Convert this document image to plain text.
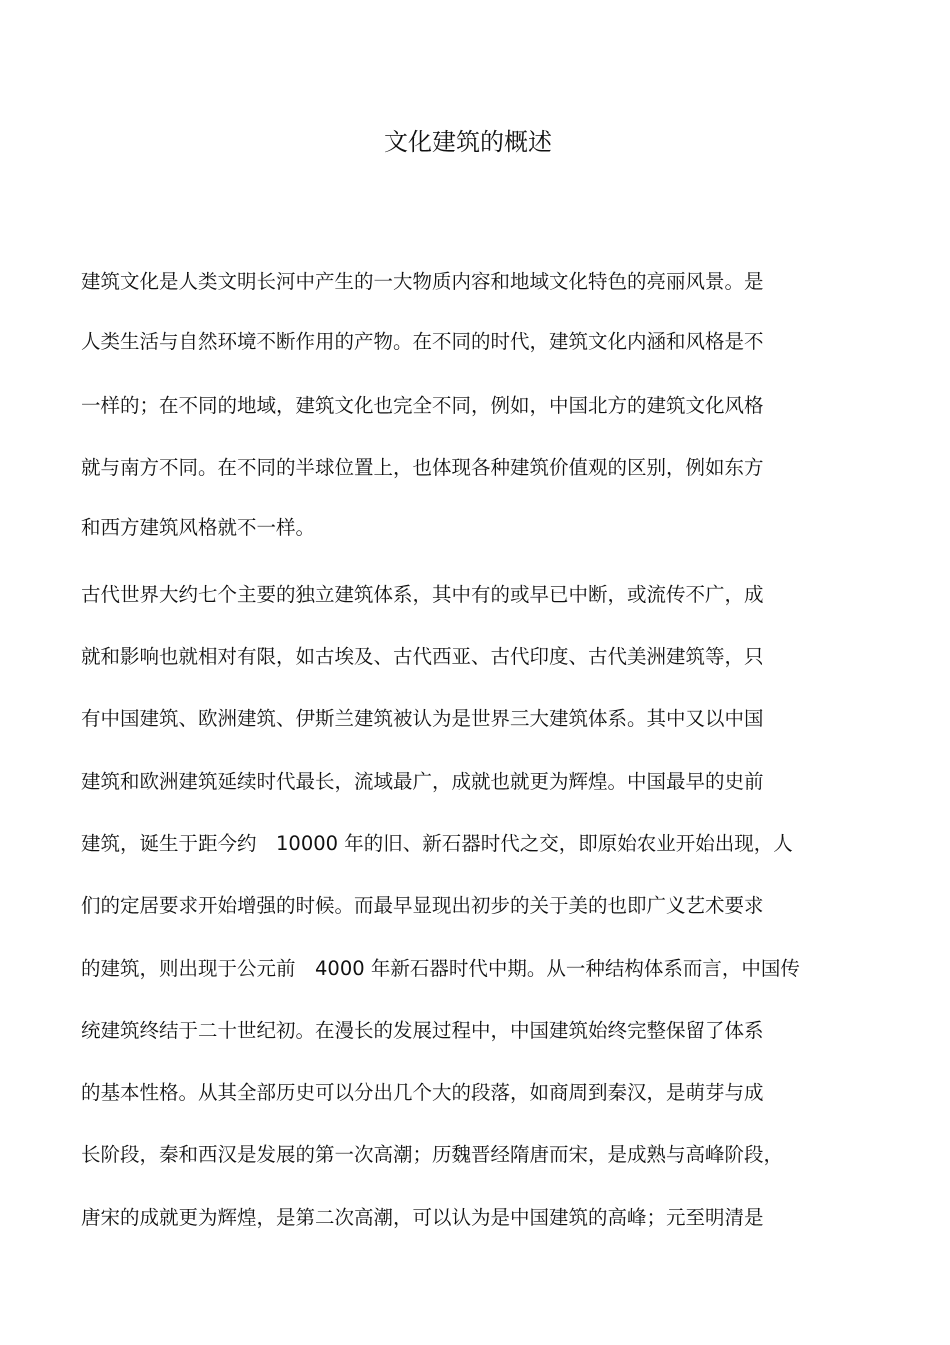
文化建筑的概述
建筑文化是人类文明长河中产生的一大物质内容和地域文化特色的亮丽风景。是
人类生活与自然环境不断作用的产物。在不同的时代，建筑文化内涵和风格是不
一样的；在不同的地域，建筑文化也完全不同，例如，中国北方的建筑文化风格
就与南方不同。在不同的半球位置上，也体现各种建筑价值观的区别，例如东方
和西方建筑风格就不一样。
古代世界大约七个主要的独立建筑体系，其中有的或早已中断，或流传不广，成
就和影响也就相对有限，如古埃及、古代西亚、古代印度、古代美洲建筑等，只
有中国建筑、欧洲建筑、伊斯兰建筑被认为是世界三大建筑体系。其中又以中国
建筑和欧洲建筑延续时代最长，流域最广，成就也就更为辉煌。中国最早的史前
建筑，诞生于距今约　10000 年的旧、新石器时代之交，即原始农业开始出现，人
们的定居要求开始增强的时候。而最早显现出初步的关于美的也即广义艺术要求
的建筑，则出现于公元前　4000 年新石器时代中期。从一种结构体系而言，中国传
统建筑终结于二十世纪初。在漫长的发展过程中，中国建筑始终完整保留了体系
的基本性格。从其全部历史可以分出几个大的段落，如商周到秦汉，是萌芽与成
长阶段，秦和西汉是发展的第一次高潮；历魏晋经隋唐而宋，是成熟与高峰阶段，
唐宋的成就更为辉煌，是第二次高潮，可以认为是中国建筑的高峰；元至明清是
